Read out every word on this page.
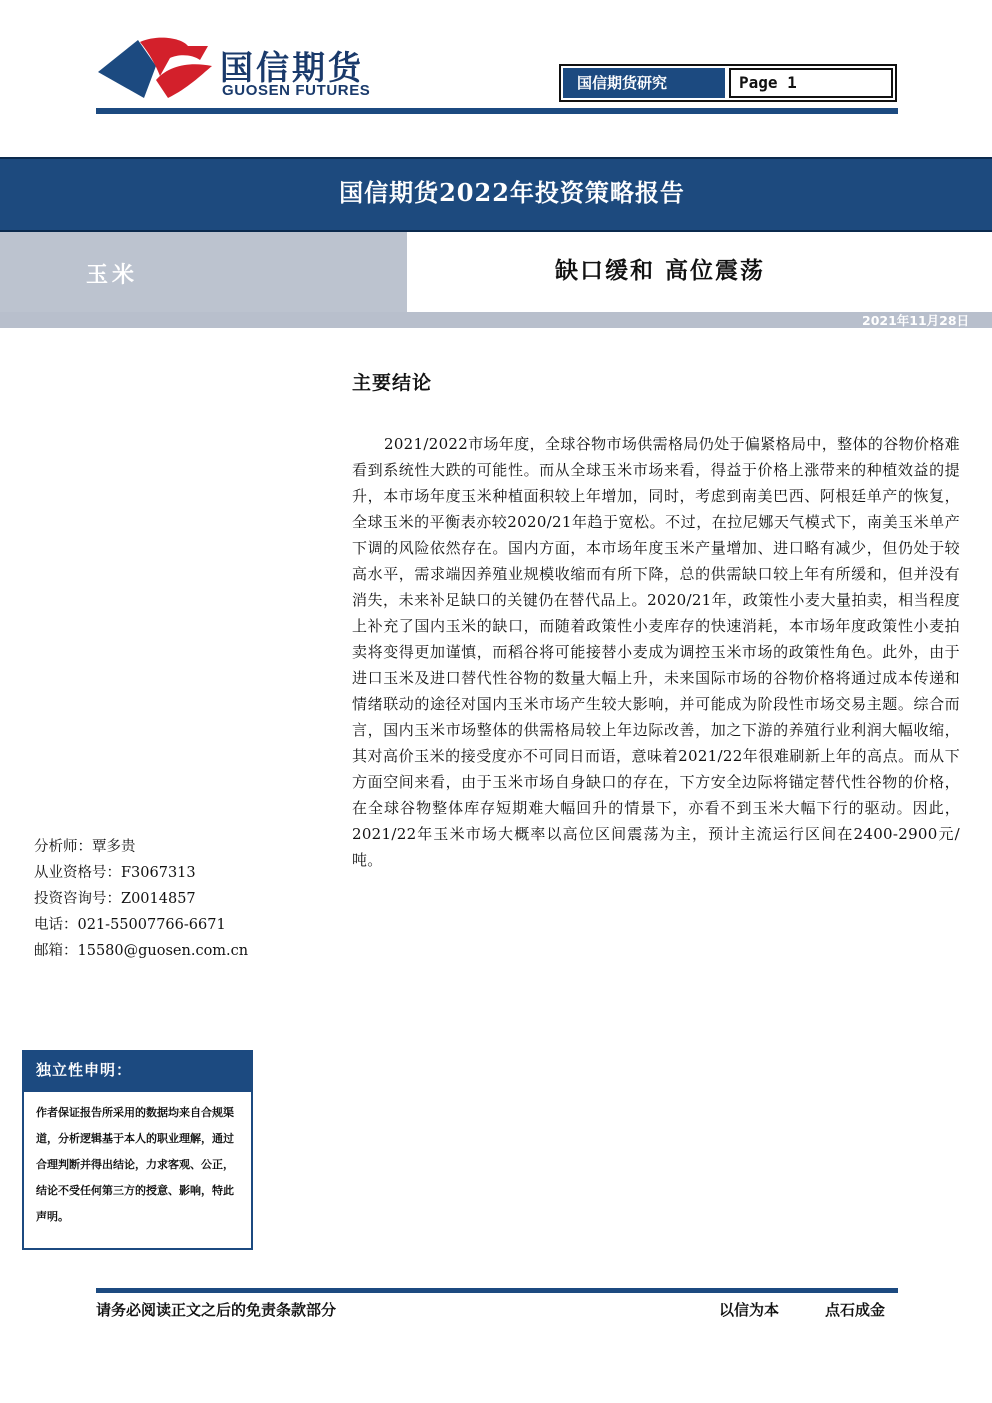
国信期货
GUOSEN FUTURES	国信期货研究	Page 1
国信期货2022年投资策略报告
玉米	缺口缓和 高位震荡
2021年11月28日
主要结论
2021/2022市场年度，全球谷物市场供需格局仍处于偏紧格局中，整体的谷物价格难看到系统性大跌的可能性。而从全球玉米市场来看，得益于价格上涨带来的种植效益的提升，本市场年度玉米种植面积较上年增加，同时，考虑到南美巴西、阿根廷单产的恢复，全球玉米的平衡表亦较2020/21年趋于宽松。不过，在拉尼娜天气模式下，南美玉米单产下调的风险依然存在。国内方面，本市场年度玉米产量增加、进口略有减少，但仍处于较高水平，需求端因养殖业规模收缩而有所下降，总的供需缺口较上年有所缓和，但并没有消失，未来补足缺口的关键仍在替代品上。2020/21年，政策性小麦大量拍卖，相当程度上补充了国内玉米的缺口，而随着政策性小麦库存的快速消耗，本市场年度政策性小麦拍卖将变得更加谨慎，而稻谷将可能接替小麦成为调控玉米市场的政策性角色。此外，由于进口玉米及进口替代性谷物的数量大幅上升，未来国际市场的谷物价格将通过成本传递和情绪联动的途径对国内玉米市场产生较大影响，并可能成为阶段性市场交易主题。综合而言，国内玉米市场整体的供需格局较上年边际改善，加之下游的养殖行业利润大幅收缩，其对高价玉米的接受度亦不可同日而语，意味着2021/22年很难刷新上年的高点。而从下方面空间来看，由于玉米市场自身缺口的存在，下方安全边际将锚定替代性谷物的价格，在全球谷物整体库存短期难大幅回升的情景下，亦看不到玉米大幅下行的驱动。因此， 2021/22年玉米市场大概率以高位区间震荡为主，预计主流运行区间在2400-2900元/吨。
分析师：覃多贵
从业资格号：F3067313
投资咨询号：Z0014857
电话：021-55007766-6671
邮箱：15580@guosen.com.cn
独立性申明：
作者保证报告所采用的数据均来自合规渠道，分析逻辑基于本人的职业理解，通过合理判断并得出结论，力求客观、公正，结论不受任何第三方的授意、影响，特此声明。
请务必阅读正文之后的免责条款部分	以信为本	点石成金
